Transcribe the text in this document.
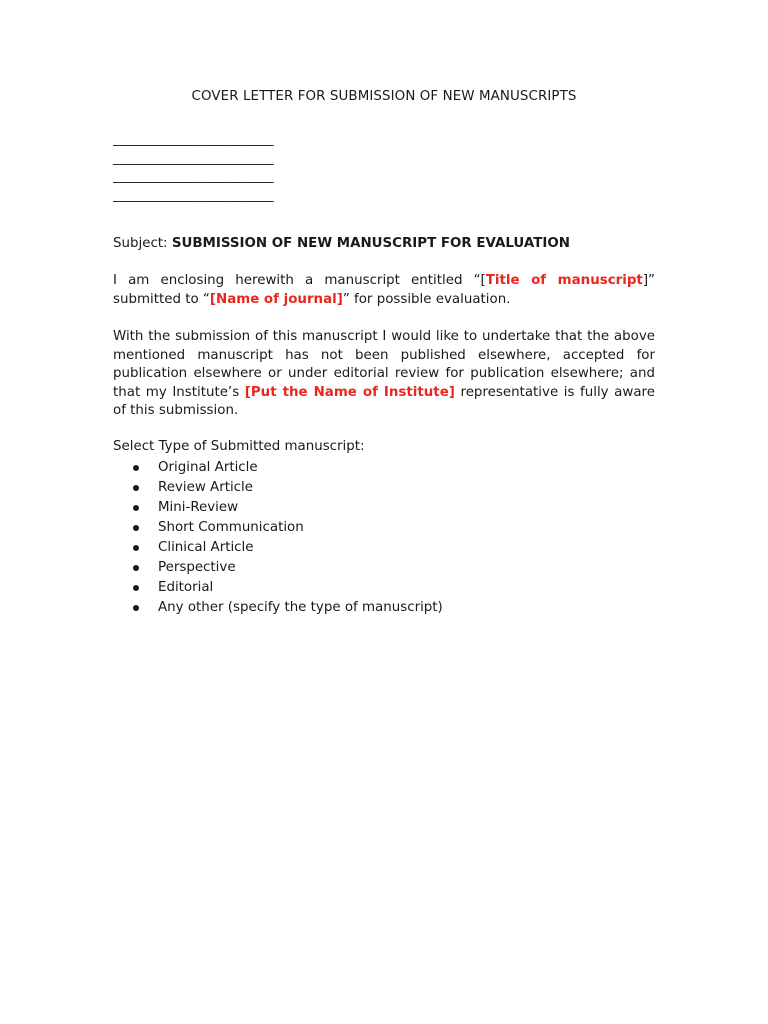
COVER LETTER FOR SUBMISSION OF NEW MANUSCRIPTS
________________________
________________________
________________________
________________________
Subject: SUBMISSION OF NEW MANUSCRIPT FOR EVALUATION
I am enclosing herewith a manuscript entitled “[Title of manuscript]” submitted to “[Name of journal]” for possible evaluation.
With the submission of this manuscript I would like to undertake that the above mentioned manuscript has not been published elsewhere, accepted for publication elsewhere or under editorial review for publication elsewhere; and that my Institute’s [Put the Name of Institute] representative is fully aware of this submission.
Select Type of Submitted manuscript:
Original Article
Review Article
Mini-Review
Short Communication
Clinical Article
Perspective
Editorial
Any other (specify the type of manuscript)
